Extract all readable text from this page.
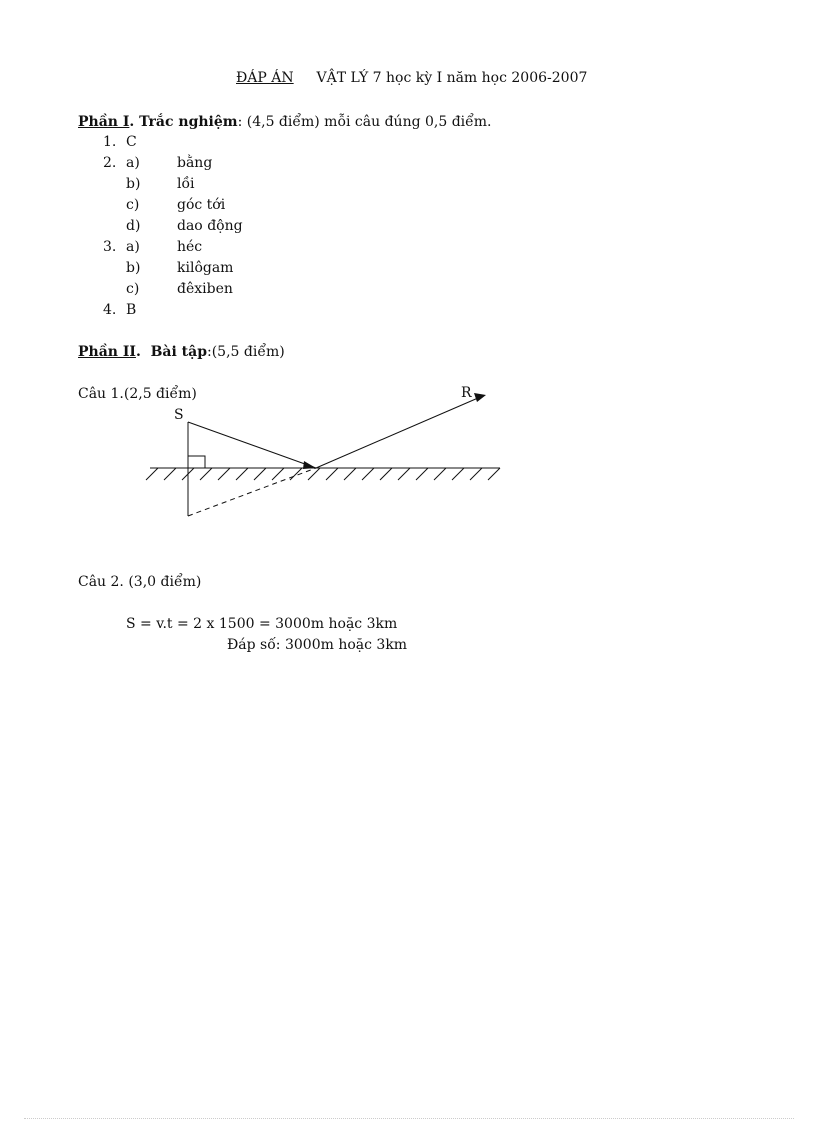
ĐÁP ÁN VẬT LÝ 7 học kỳ I năm học 2006-2007
Phần I. Trắc nghiệm: (4,5 điểm) mỗi câu đúng 0,5 điểm.
1. C
2. a)	bằng
b)	lồi
c)	góc tới
d)	dao động
3. a)	héc
b)	kilôgam
c)	đêxiben
4. B
Phần II.  Bài tập:(5,5 điểm)
Câu 1.(2,5 điểm)
S
R
Câu 2. (3,0 điểm)
S = v.t = 2 x 1500 = 3000m hoặc 3km
Đáp số: 3000m hoặc 3km
